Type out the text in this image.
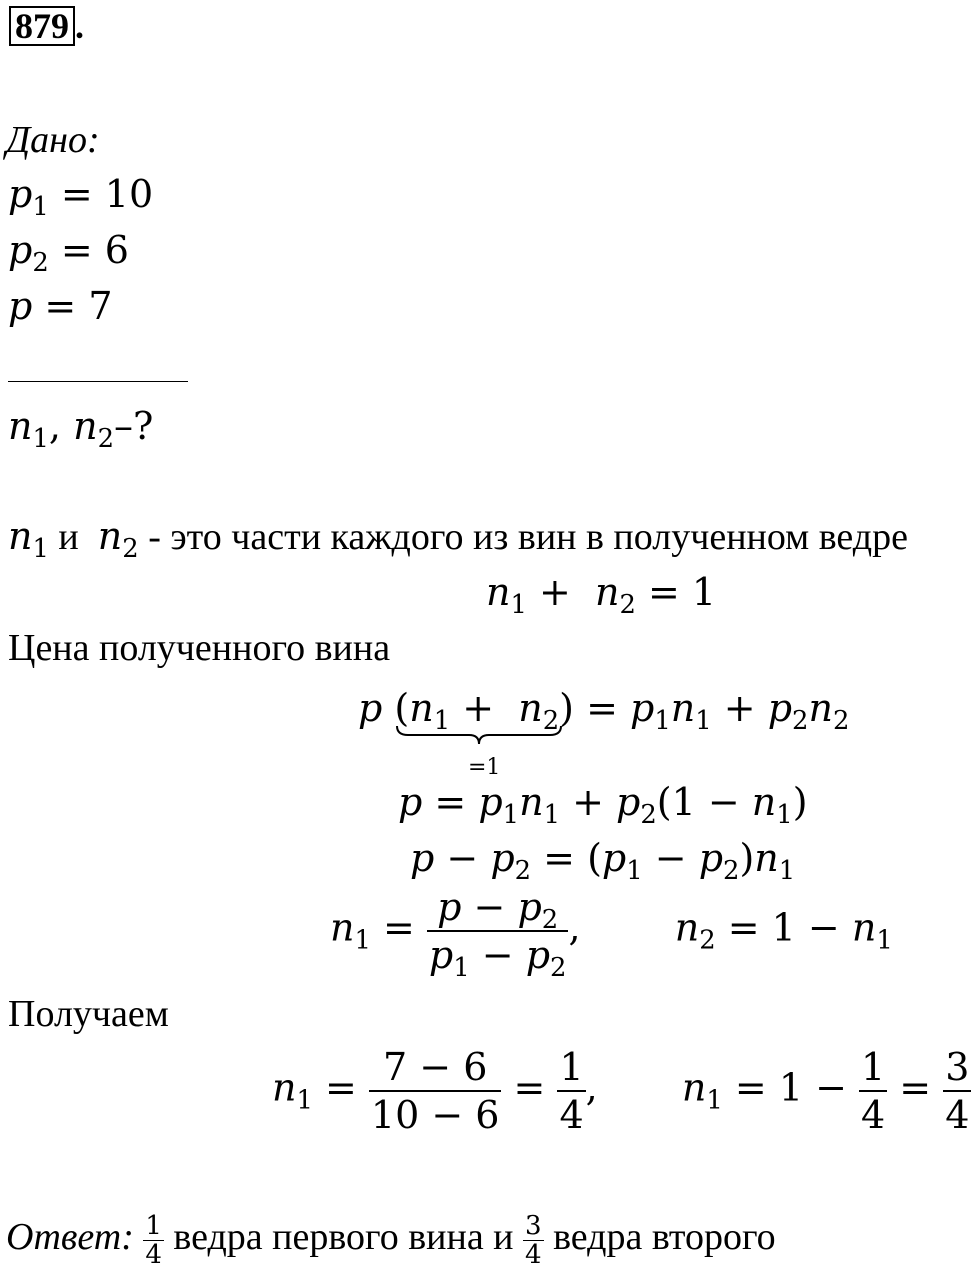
879 .
Дано:
$p_1 = 10$
$p_2 = 6$
p = 7
$n_1$, $n_2-$?
$n_1$ и $n_2$ - это части каждого из вин в полученном ведре
$n_1 + n_2 = 1$
Цена полученного вина
p $(n_1 + n_2)$
=1
= $p_1n_1 + p_2n_2$
$p = p_1n_1 + p_2(1 - n_1)$
$p - p_2 = (p_1 - p_2)n_1$
$n_1 = \frac{p - p_2}{p_1 - p_2}$ ,  $n_2 = 1 - n_1$
Получаем
$n_1 = \frac{7 - 6}{10 - 6} = \frac{1}{4}$ ,  $n_1 = 1 - \frac{1}{4} = \frac{3}{4}$
Ответ: $\frac{1}{4}$ ведра первого вина и $\frac{3}{4}$ ведра второго
